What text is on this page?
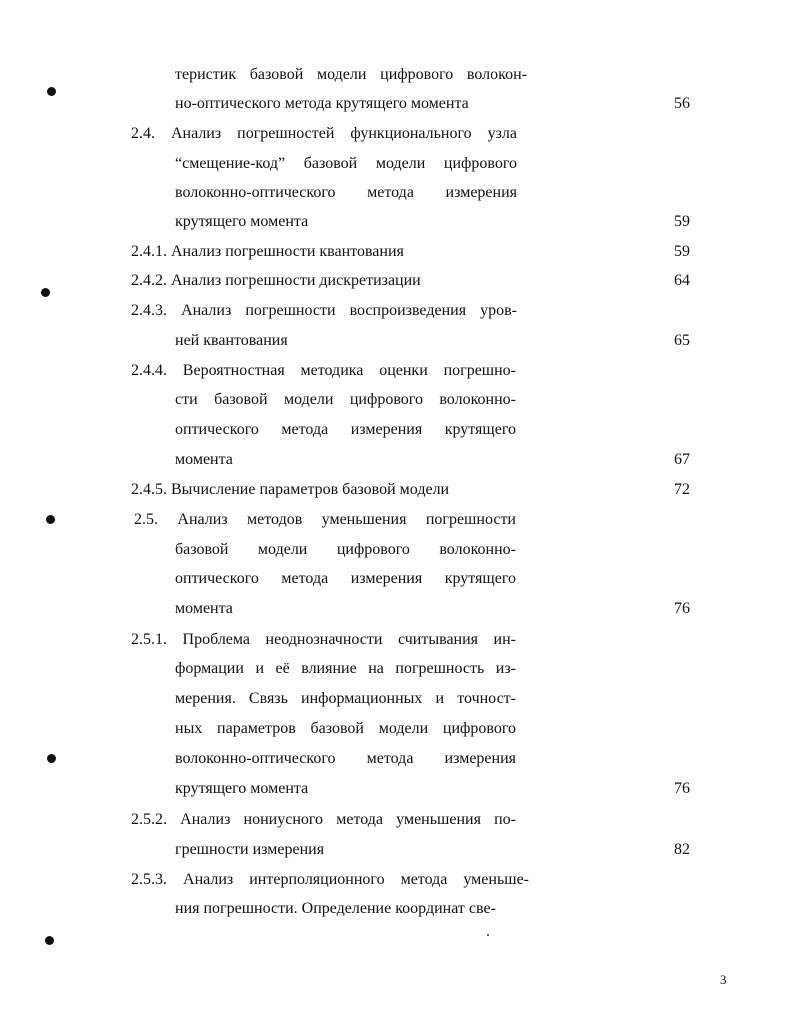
теристик базовой модели цифрового волокон-
но-оптического метода крутящего момента	56
2.4. Анализ погрешностей функционального узла
“смещение-код” базовой модели цифрового
волоконно-оптического метода измерения
крутящего момента	59
2.4.1. Анализ погрешности квантования	59
2.4.2. Анализ погрешности дискретизации	64
2.4.3. Анализ погрешности воспроизведения уров-
ней квантования	65
2.4.4. Вероятностная методика оценки погрешно-
сти базовой модели цифрового волоконно-
оптического метода измерения крутящего
момента	67
2.4.5. Вычисление параметров базовой модели	72
2.5. Анализ методов уменьшения погрешности
базовой модели цифрового волоконно-
оптического метода измерения крутящего
момента	76
2.5.1. Проблема неоднозначности считывания ин-
формации и её влияние на погрешность из-
мерения. Связь информационных и точност-
ных параметров базовой модели цифрового
волоконно-оптического метода измерения
крутящего момента	76
2.5.2. Анализ нониусного метода уменьшения по-
грешности измерения	82
2.5.3. Анализ интерполяционного метода уменьше-
ния погрешности. Определение координат све-
3
